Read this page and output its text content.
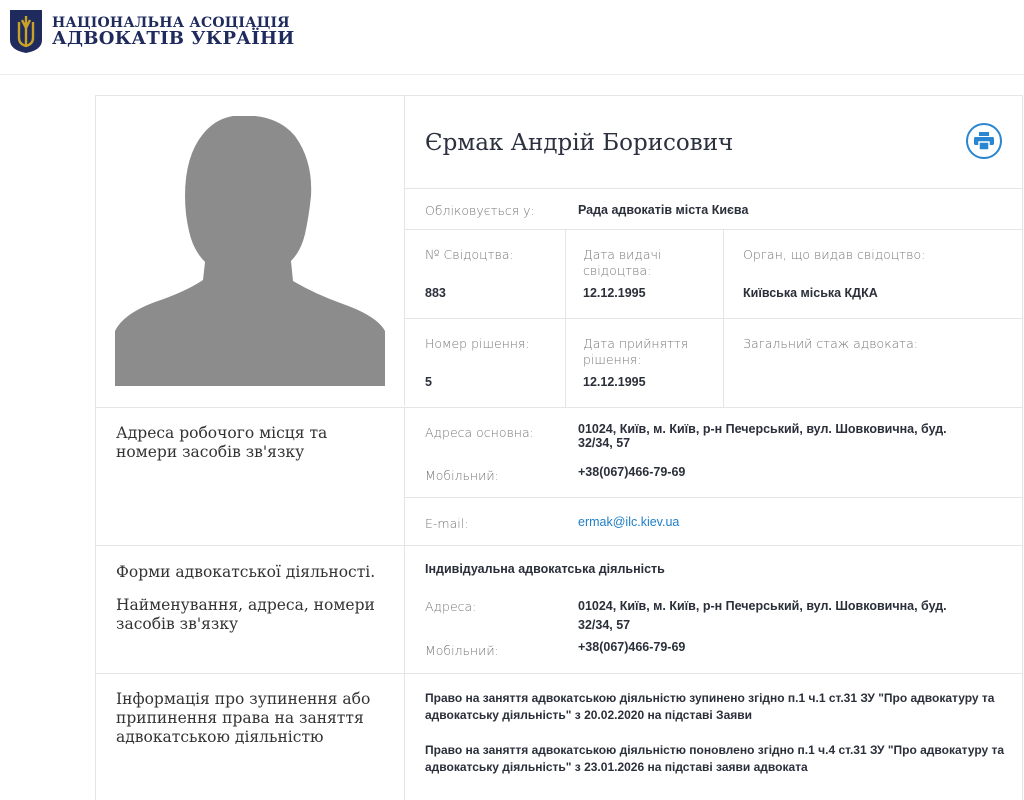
НАЦІОНАЛЬНА АСОЦІАЦІЯ
АДВОКАТІВ УКРАЇНИ
Єрмак Андрій Борисович
Обліковується у:	Рада адвокатів міста Києва
№ Свідоцтва:
883
Дата видачі свідоцтва:
12.12.1995
Орган, що видав свідоцтво:
Київська міська КДКА
Номер рішення:
5
Дата прийняття рішення:
12.12.1995
Загальний стаж адвоката:
Адреса робочого місця та номери засобів зв'язку
Адреса основна:	01024, Київ, м. Київ, р-н Печерський, вул. Шовковична, буд. 32/34, 57
Мобільний:	+38(067)466-79-69
E-mail:	ermak@ilc.kiev.ua
Форми адвокатської діяльності.
Найменування, адреса, номери засобів зв'язку
Індивідуальна адвокатська діяльність
Адреса:	01024, Київ, м. Київ, р-н Печерський, вул. Шовковична, буд. 32/34, 57
Мобільний:	+38(067)466-79-69
Інформація про зупинення або припинення права на заняття адвокатською діяльністю
Право на заняття адвокатською діяльністю зупинено згідно п.1 ч.1 ст.31 ЗУ "Про адвокатуру та адвокатську діяльність" з 20.02.2020 на підставі Заяви
Право на заняття адвокатською діяльністю поновлено згідно п.1 ч.4 ст.31 ЗУ "Про адвокатуру та адвокатську діяльність" з 23.01.2026 на підставі заяви адвоката
